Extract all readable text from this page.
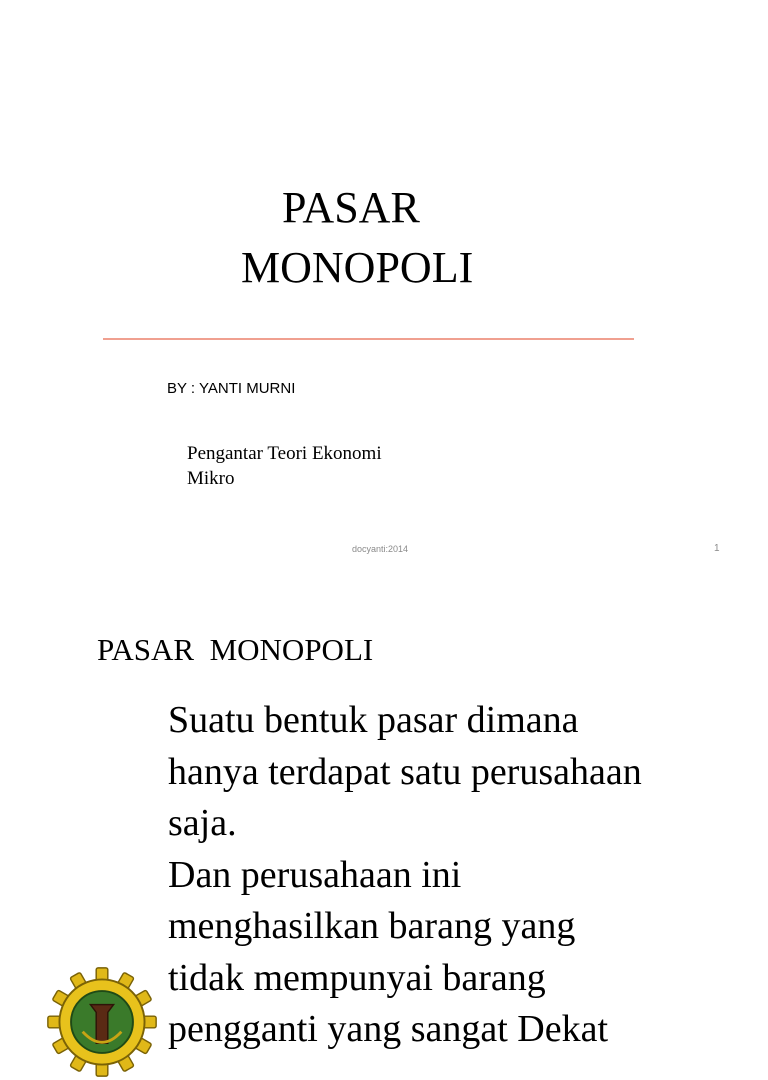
PASAR
MONOPOLI
BY : YANTI MURNI
Pengantar Teori Ekonomi
Mikro
docyanti:2014	1
PASAR  MONOPOLI
Suatu bentuk pasar dimana
hanya terdapat satu perusahaan
saja.
Dan perusahaan ini
menghasilkan barang yang
tidak mempunyai barang
pengganti yang sangat Dekat
